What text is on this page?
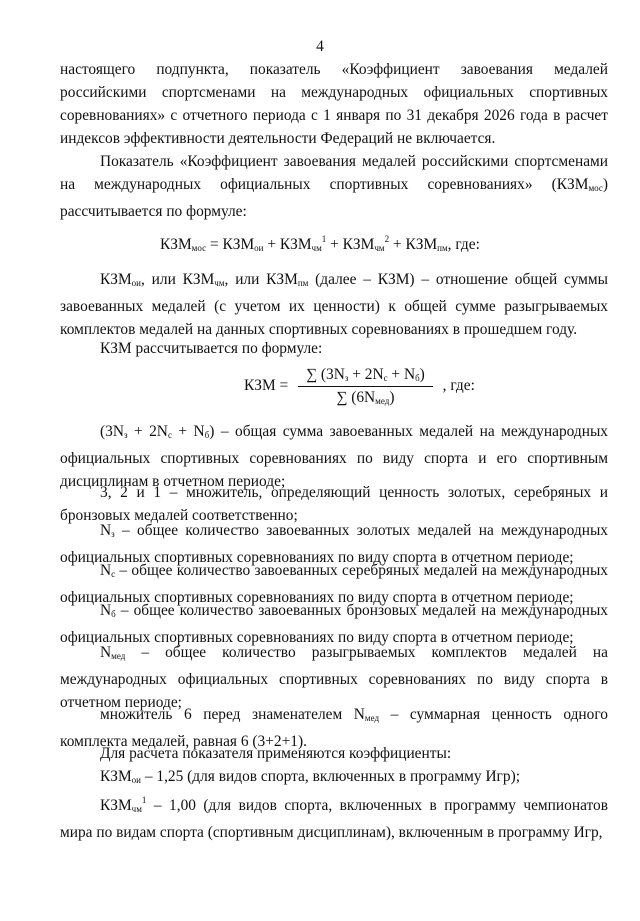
4

настоящего подпункта, показатель «Коэффициент завоевания медалей российскими спортсменами на международных официальных спортивных соревнованиях» с отчетного периода с 1 января по 31 декабря 2026 года в расчет индексов эффективности деятельности Федераций не включается.

Показатель «Коэффициент завоевания медалей российскими спортсменами на международных официальных спортивных соревнованиях» $(КЗМ_{мос})$ рассчитывается по формуле:

$КЗМ_{мос} = КЗМ_{ои} + КЗМ_{чм}^1 + КЗМ_{чм}^2 + КЗМ_{пм}$, где:

$КЗМ_{ои}$, или $КЗМ_{чм}$, или $КЗМ_{пм}$ (далее – КЗМ) – отношение общей суммы завоеванных медалей (с учетом их ценности) к общей сумме разыгрываемых комплектов медалей на данных спортивных соревнованиях в прошедшем году.

КЗМ рассчитывается по формуле:

КЗМ = $\frac{\sum (3N_з + 2N_с + N_б)}{\sum (6N_{мед})}$ , где:

$(3N_з + 2N_с + N_б)$ – общая сумма завоеванных медалей на международных официальных спортивных соревнованиях по виду спорта и его спортивным дисциплинам в отчетном периоде;

3, 2 и 1 – множитель, определяющий ценность золотых, серебряных и бронзовых медалей соответственно;

$N_з$ – общее количество завоеванных золотых медалей на международных официальных спортивных соревнованиях по виду спорта в отчетном периоде;

$N_с$ – общее количество завоеванных серебряных медалей на международных официальных спортивных соревнованиях по виду спорта в отчетном периоде;

$N_б$ – общее количество завоеванных бронзовых медалей на международных официальных спортивных соревнованиях по виду спорта в отчетном периоде;

$N_{мед}$ – общее количество разыгрываемых комплектов медалей на международных официальных спортивных соревнованиях по виду спорта в отчетном периоде;

множитель 6 перед знаменателем $N_{мед}$ – суммарная ценность одного комплекта медалей, равная 6 (3+2+1).

Для расчета показателя применяются коэффициенты:

$КЗМ_{ои} - 1,25$ (для видов спорта, включенных в программу Игр);

$КЗМ_{чм}^1 - 1,00$ (для видов спорта, включенных в программу чемпионатов мира по видам спорта (спортивным дисциплинам), включенным в программу Игр,
